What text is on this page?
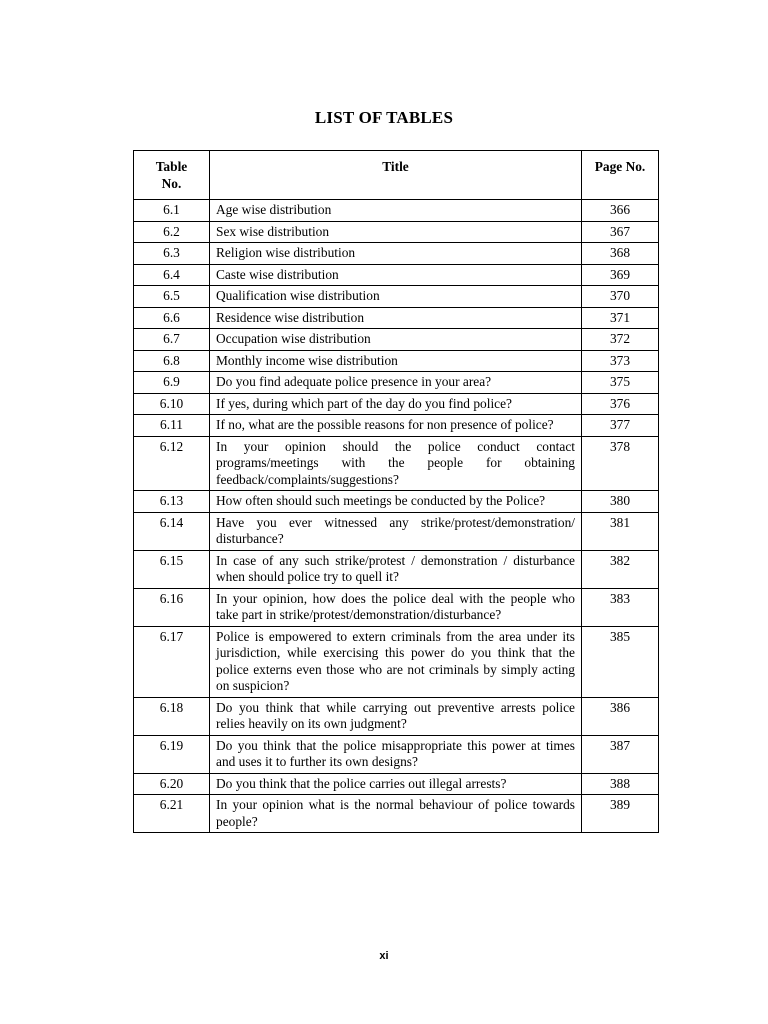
LIST OF TABLES
Table
No.	Title	Page No.
6.1	Age wise distribution	366
6.2	Sex wise distribution	367
6.3	Religion wise distribution	368
6.4	Caste wise distribution	369
6.5	Qualification wise distribution	370
6.6	Residence wise distribution	371
6.7	Occupation wise distribution	372
6.8	Monthly income wise distribution	373
6.9	Do you find adequate police presence in your area?	375
6.10	If yes, during which part of the day do you find police?	376
6.11	If no, what are the possible reasons for non presence of police?	377
6.12	In your opinion should the police conduct contact programs/meetings with the people for obtaining feedback/complaints/suggestions?	378
6.13	How often should such meetings be conducted by the Police?	380
6.14	Have you ever witnessed any strike/protest/demonstration/ disturbance?	381
6.15	In case of any such strike/protest / demonstration / disturbance when should police try to quell it?	382
6.16	In your opinion, how does the police deal with the people who take part in strike/protest/demonstration/disturbance?	383
6.17	Police is empowered to extern criminals from the area under its jurisdiction, while exercising this power do you think that the police externs even those who are not criminals by simply acting on suspicion?	385
6.18	Do you think that while carrying out preventive arrests police relies heavily on its own judgment?	386
6.19	Do you think that the police misappropriate this power at times and uses it to further its own designs?	387
6.20	Do you think that the police carries out illegal arrests?	388
6.21	In your opinion what is the normal behaviour of police towards people?	389
xi
